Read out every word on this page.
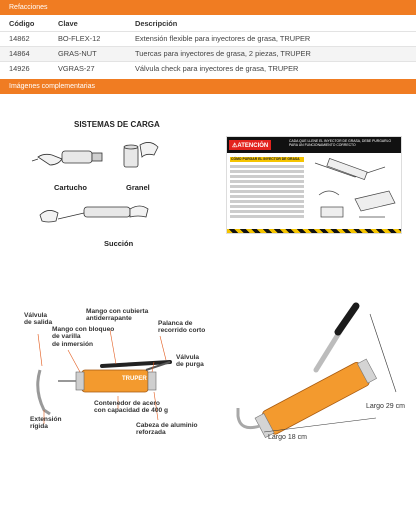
Refacciones
Código	Clave	Descripción
14862	BO-FLEX-12	Extensión flexible para inyectores de grasa, TRUPER
14864	GRAS-NUT	Tuercas para inyectores de grasa, 2 piezas, TRUPER
14926	VGRAS-27	Válvula check para inyectores de grasa, TRUPER
Imágenes complementarias
SISTEMAS DE CARGA
Cartucho	Granel
Succión
⚠ATENCIÓN
CADA QUE LLENE EL INYECTOR DE GRASA, DEBE PURGARLO PARA UN FUNCIONAMIENTO CORRECTO
CÓMO PURGAR EL INYECTOR DE GRASA
Válvula
de salida
Mango con bloqueo
de varilla
de inmersión
Mango con cubierta
antiderrapante
Palanca de
recorrido corto
Válvula
de purga
Contenedor de acero
con capacidad de 400 g
Cabeza de aluminio
reforzada
Extensión
rígida
TRUPER
Largo 29 cm
Largo 18 cm
